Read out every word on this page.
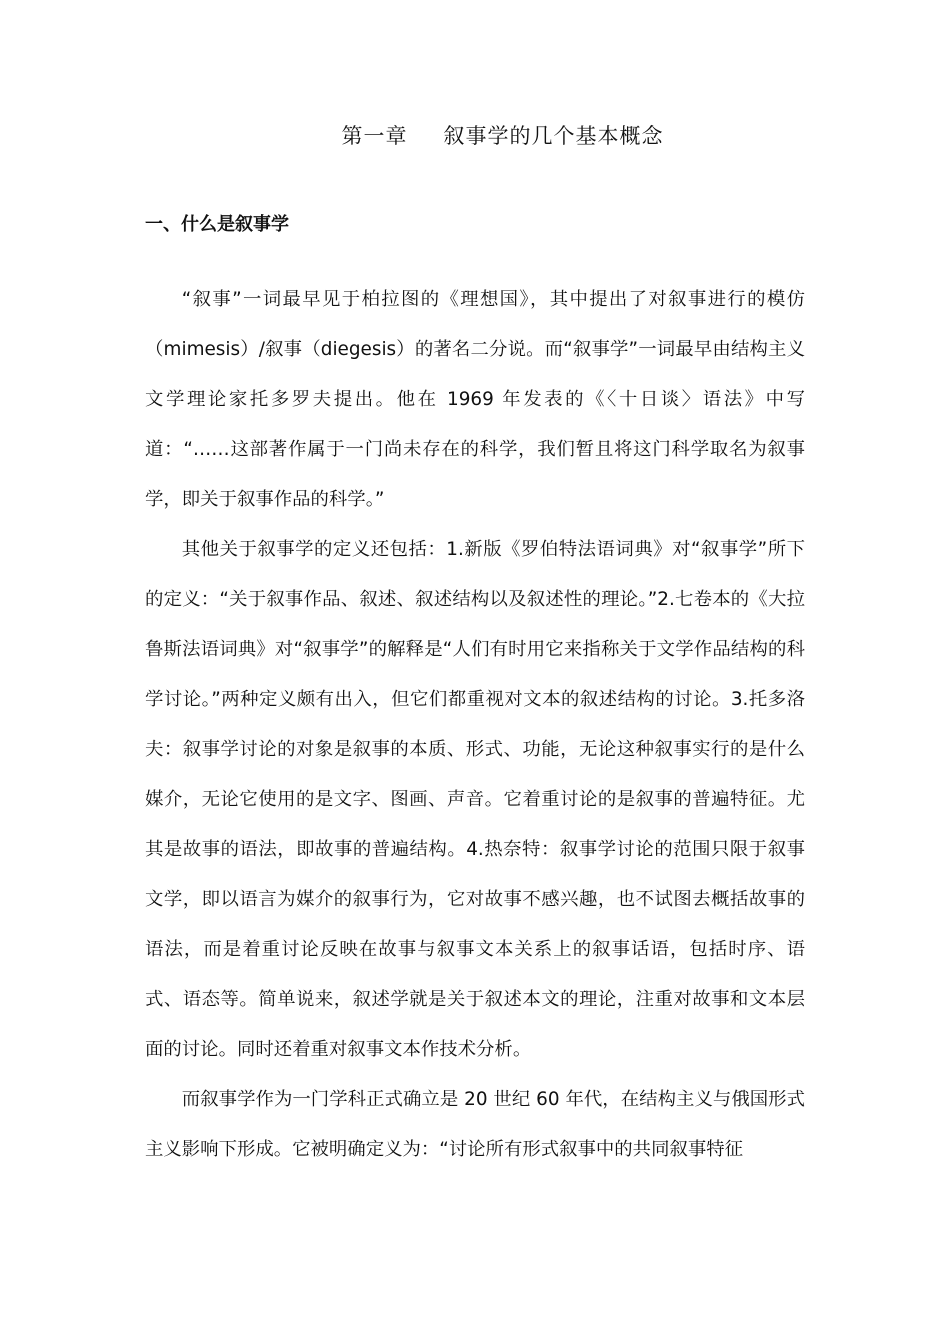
第一章 叙事学的几个基本概念
一、什么是叙事学

“叙事”一词最早见于柏拉图的《理想国》，其中提出了对叙事进行的模仿（mimesis）/叙事（diegesis）的著名二分说。而“叙事学”一词最早由结构主义文学理论家托多罗夫提出。他在 1969 年发表的《〈十日谈〉语法》中写道：“……这部著作属于一门尚未存在的科学，我们暂且将这门科学取名为叙事学，即关于叙事作品的科学。”

其他关于叙事学的定义还包括：1.新版《罗伯特法语词典》对“叙事学”所下的定义：“关于叙事作品、叙述、叙述结构以及叙述性的理论。”2.七卷本的《大拉鲁斯法语词典》对“叙事学”的解释是“人们有时用它来指称关于文学作品结构的科学讨论。”两种定义颇有出入，但它们都重视对文本的叙述结构的讨论。3.托多洛夫：叙事学讨论的对象是叙事的本质、形式、功能，无论这种叙事实行的是什么媒介，无论它使用的是文字、图画、声音。它着重讨论的是叙事的普遍特征。尤其是故事的语法，即故事的普遍结构。4.热奈特：叙事学讨论的范围只限于叙事文学，即以语言为媒介的叙事行为，它对故事不感兴趣，也不试图去概括故事的语法，而是着重讨论反映在故事与叙事文本关系上的叙事话语，包括时序、语式、语态等。简单说来，叙述学就是关于叙述本文的理论，注重对故事和文本层面的讨论。同时还着重对叙事文本作技术分析。

而叙事学作为一门学科正式确立是 20 世纪 60 年代，在结构主义与俄国形式主义影响下形成。它被明确定义为：“讨论所有形式叙事中的共同叙事特征
